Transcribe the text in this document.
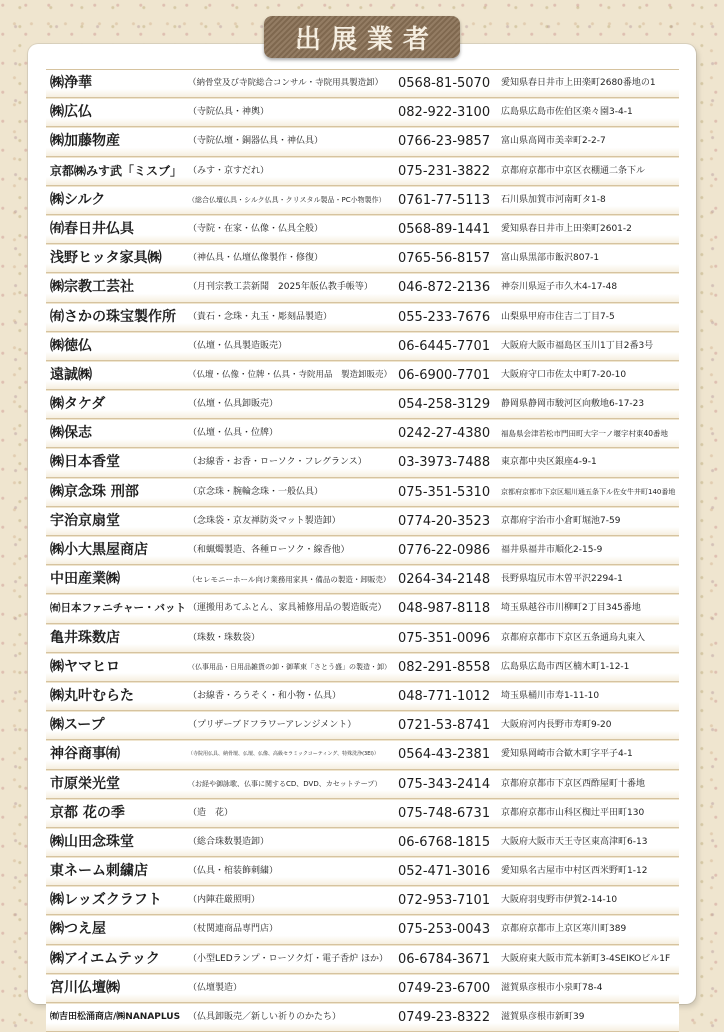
出展業者
㈱浄華	（納骨堂及び寺院総合コンサル・寺院用具製造卸） 0568-81-5070 愛知県春日井市上田楽町2680番地の1
㈱広仏	（寺院仏具・神輿）	082-922-3100 広島県広島市佐伯区楽々園3-4-1
㈱加藤物産	（寺院仏壇・銅器仏具・神仏具）	0766-23-9857 富山県高岡市美幸町2-2-7
京都㈱みす武「ミスブ」 （みす・京すだれ）	075-231-3822 京都府京都市中京区衣棚通二条下ル
㈱シルク	（総合仏壇仏具・シルク仏具・クリスタル製品・PC小物製作） 0761-77-5113 石川県加賀市河南町タ1-8
㈲春日井仏具	（寺院・在家・仏像・仏具全般）	0568-89-1441 愛知県春日井市上田楽町2601-2
浅野ヒッタ家具㈱	（神仏具・仏壇仏像製作・修復）	0765-56-8157 富山県黒部市飯沢807-1
㈱宗教工芸社	（月刊宗教工芸新聞　2025年版仏教手帳等） 046-872-2136 神奈川県逗子市久木4-17-48
㈲さかの珠宝製作所 （貴石・念珠・丸玉・彫刻品製造）	055-233-7676 山梨県甲府市住吉二丁目7-5
㈱徳仏	（仏壇・仏具製造販売）	06-6445-7701 大阪府大阪市福島区玉川1丁目2番3号
遠誠㈱	（仏壇・仏像・位牌・仏具・寺院用品　製造卸販売） 06-6900-7701 大阪府守口市佐太中町7-20-10
㈱タケダ	（仏壇・仏具卸販売）	054-258-3129 静岡県静岡市駿河区向敷地6-17-23
㈱保志	（仏壇・仏具・位牌）	0242-27-4380 福島県会津若松市門田町大字一ノ堰字村東40番地
㈱日本香堂	（お線香・お香・ローソク・フレグランス） 03-3973-7488 東京都中央区銀座4-9-1
㈱京念珠 刑部	（京念珠・腕輪念珠・一般仏具）	075-351-5310 京都府京都市下京区堀川通五条下ル佐女牛井町140番地
宇治京扇堂	（念珠袋・京友禅防炎マット製造卸）	0774-20-3523 京都府宇治市小倉町堀池7-59
㈱小大黒屋商店	（和蝋燭製造、各種ローソク・線香他）	0776-22-0986 福井県福井市順化2-15-9
中田産業㈱	（セレモニーホール向け業務用家具・備品の製造・卸販売） 0264-34-2148 長野県塩尻市木曽平沢2294-1
㈲日本ファニチャー・バット （運搬用あてふとん、家具補修用品の製造販売） 048-987-8118 埼玉県越谷市川柳町2丁目345番地
亀井珠数店	（珠数・珠数袋）	075-351-0096 京都府京都市下京区五条通烏丸東入
㈱ヤマヒロ	（仏事用品・日用品雑貨の卸・御華束「さとう盛」の製造・卸） 082-291-8558 広島県広島市西区楠木町1-12-1
㈱丸叶むらた	（お線香・ろうそく・和小物・仏具）	048-771-1012 埼玉県桶川市寿1-11-10
㈱スープ	（プリザーブドフラワーアレンジメント）	0721-53-8741 大阪府河内長野市寿町9-20
神谷商事㈲	（寺院用仏具、納骨壇、仏壇、仏像、高級セラミックコーティング、特殊洗浄(3EI)） 0564-43-2381 愛知県岡崎市合歓木町字平子4-1
市原栄光堂	（お経や御詠歌、仏事に関するCD、DVD、カセットテープ） 075-343-2414 京都府京都市下京区西酢屋町十番地
京都 花の季	（造　花）	075-748-6731 京都府京都市山科区椥辻平田町130
㈱山田念珠堂	（総合珠数製造卸）	06-6768-1815 大阪府大阪市天王寺区東高津町6-13
東ネーム刺繍店	（仏具・棺装飾刺繍）	052-471-3016 愛知県名古屋市中村区西米野町1-12
㈱レッズクラフト	（内陣荘厳照明）	072-953-7101 大阪府羽曳野市伊賀2-14-10
㈱つえ屋	（杖関連商品専門店）	075-253-0043 京都府京都市上京区寒川町389
㈱アイエムテック	（小型LEDランプ・ローソク灯・電子香炉 ほか） 06-6784-3671 大阪府東大阪市荒本新町3-4SEIKOビル1F
宮川仏壇㈱	（仏壇製造）	0749-23-6700 滋賀県彦根市小泉町78-4
㈲吉田松涌商店/㈱NANAPLUS （仏具卸販売／新しい祈りのかたち）	0749-23-8322 滋賀県彦根市新町39
